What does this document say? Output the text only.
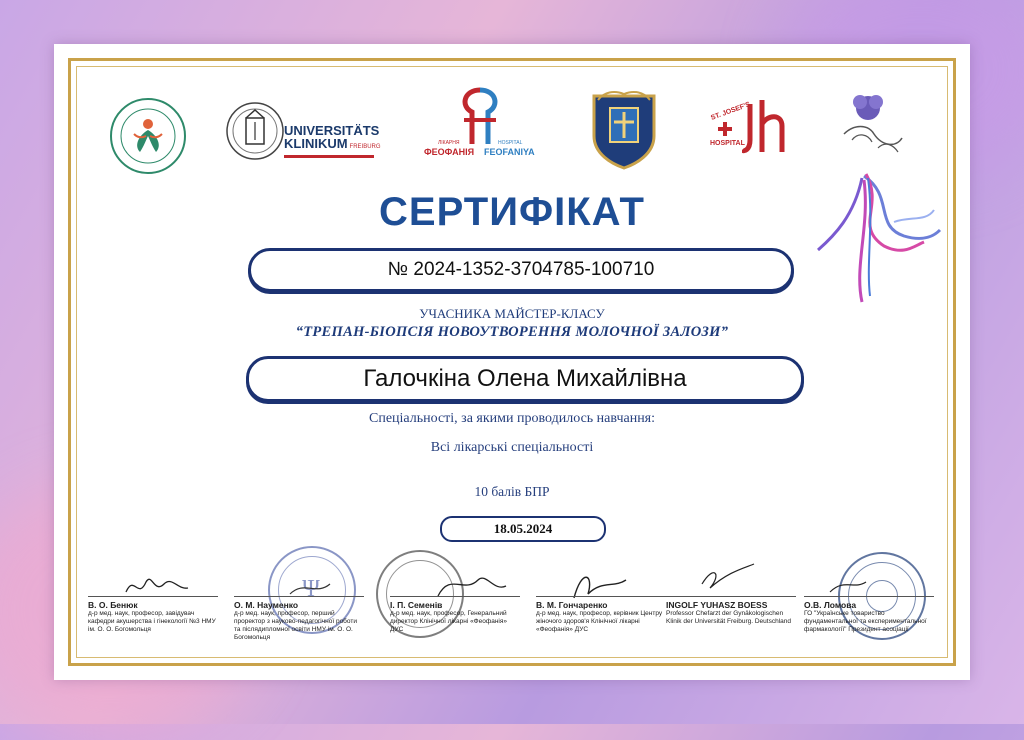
UNIVERSITÄTS
KLINIKUM FREIBURG
ЛІКАРНЯ
ФЕОФАНІЯ
HOSPITAL
FEOFANIYA
ST. JOSEF'S
HOSPITAL
СЕРТИФІКАТ
№ 2024-1352-3704785-100710
УЧАСНИКА МАЙСТЕР-КЛАСУ
“ТРЕПАН-БІОПСІЯ НОВОУТВОРЕННЯ МОЛОЧНОЇ ЗАЛОЗИ”
Галочкіна Олена Михайлівна
Спеціальності, за якими проводилось навчання:
Всі лікарські спеціальності
10 балів БПР
18.05.2024
Ψ
В. О. Бенюк
д-р мед. наук, професор, завідувач кафедри акушерства і гінекології №3 НМУ ім. О. О. Богомольця
О. М. Науменко
д-р мед. наук, професор, перший проректор з науково-педагогічної роботи та післядипломної освіти НМУ ім. О. О. Богомольця
І. П. Семенів
д-р мед. наук, професор, Генеральний директор Клінічної лікарні «Феофанія» ДУС
В. М. Гончаренко
д-р мед. наук, професор, керівник Центру жіночого здоров'я Клінічної лікарні «Феофанія» ДУС
INGOLF YUHASZ BOESS
Professor Chefarzt der Gynäkologischen Klinik der Universität Freiburg. Deutschland
О.В. Ломова
ГО "Українське товариство фундаментальної та експериментальної фармакології" Президент асоціації
